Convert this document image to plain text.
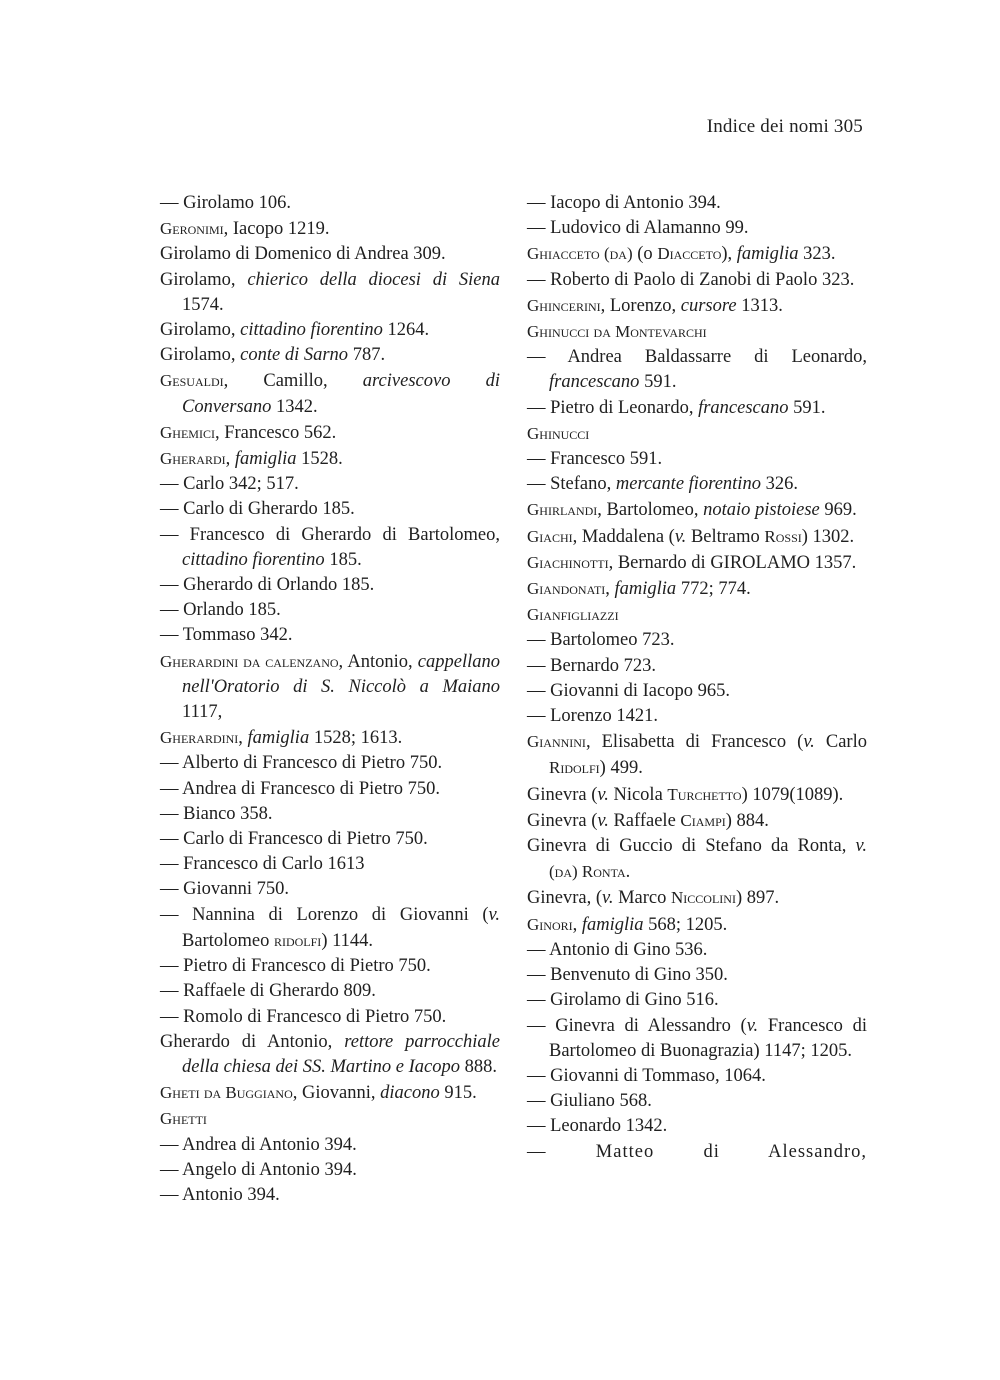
Indice dei nomi 305
— Girolamo 106.
Geronimi, Iacopo 1219.
Girolamo di Domenico di Andrea 309.
Girolamo, chierico della diocesi di Siena 1574.
Girolamo, cittadino fiorentino 1264.
Girolamo, conte di Sarno 787.
Gesualdi, Camillo, arcivescovo di Conversano 1342.
Ghemici, Francesco 562.
Gherardi, famiglia 1528.
— Carlo 342; 517.
— Carlo di Gherardo 185.
— Francesco di Gherardo di Bartolomeo, cittadino fiorentino 185.
— Gherardo di Orlando 185.
— Orlando 185.
— Tommaso 342.
Gherardini da calenzano, Antonio, cappellano nell'Oratorio di S. Niccolò a Maiano 1117,
Gherardini, famiglia 1528; 1613.
— Alberto di Francesco di Pietro 750.
— Andrea di Francesco di Pietro 750.
— Bianco 358.
— Carlo di Francesco di Pietro 750.
— Francesco di Carlo 1613
— Giovanni 750.
— Nannina di Lorenzo di Giovanni (v. Bartolomeo ridolfi) 1144.
— Pietro di Francesco di Pietro 750.
— Raffaele di Gherardo 809.
— Romolo di Francesco di Pietro 750.
Gherardo di Antonio, rettore parrocchiale della chiesa dei SS. Martino e Iacopo 888.
Gheti da Buggiano, Giovanni, diacono 915.
Ghetti
— Andrea di Antonio 394.
— Angelo di Antonio 394.
— Antonio 394.
— Iacopo di Antonio 394.
— Ludovico di Alamanno 99.
Ghiacceto (da) (o Diacceto), famiglia 323.
— Roberto di Paolo di Zanobi di Paolo 323.
Ghincerini, Lorenzo, cursore 1313.
Ghinucci da Montevarchi
— Andrea Baldassarre di Leonardo, francescano 591.
— Pietro di Leonardo, francescano 591.
Ghinucci
— Francesco 591.
— Stefano, mercante fiorentino 326.
Ghirlandi, Bartolomeo, notaio pistoiese 969.
Giachi, Maddalena (v. Beltramo Rossi) 1302.
Giachinotti, Bernardo di GIROLAMO 1357.
Giandonati, famiglia 772; 774.
Gianfigliazzi
— Bartolomeo 723.
— Bernardo 723.
— Giovanni di Iacopo 965.
— Lorenzo 1421.
Giannini, Elisabetta di Francesco (v. Carlo Ridolfi) 499.
Ginevra (v. Nicola Turchetto) 1079(1089).
Ginevra (v. Raffaele Ciampi) 884.
Ginevra di Guccio di Stefano da Ronta, v. (da) Ronta.
Ginevra, (v. Marco Niccolini) 897.
Ginori, famiglia 568; 1205.
— Antonio di Gino 536.
— Benvenuto di Gino 350.
— Girolamo di Gino 516.
— Ginevra di Alessandro (v. Francesco di Bartolomeo di Buonagrazia) 1147; 1205.
— Giovanni di Tommaso, 1064.
— Giuliano 568.
— Leonardo 1342.
— Matteo di Alessandro,
